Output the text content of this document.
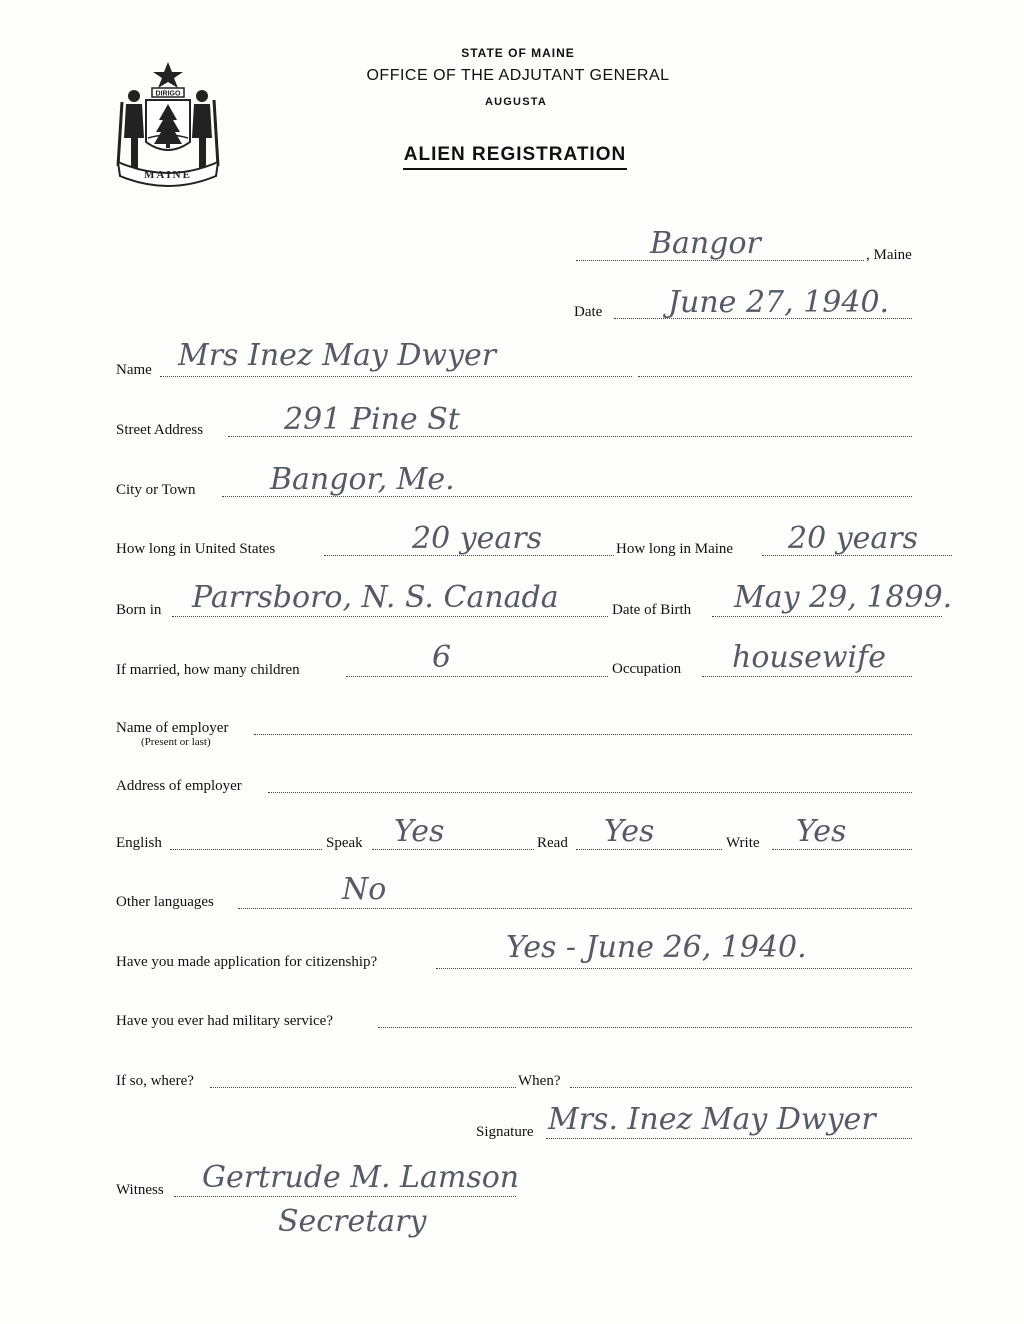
DIRIGO
MAINE
STATE OF MAINE
OFFICE OF THE ADJUTANT GENERAL
AUGUSTA
ALIEN REGISTRATION
, Maine
Bangor
Date June 27, 1940.
Name Mrs Inez May Dwyer
Street Address	291 Pine St
City or Town Bangor, Me.
How long in United States	20 years	How long in Maine 20 years
Born in Parrsboro, N. S. Canada	Date of Birth May 29, 1899.
If married, how many children	6	Occupation housewife
Name of employer
(Present or last)
Address of employer
English	Speak Yes	Read Yes	Write Yes
Other languages	No
Have you made application for citizenship?	Yes - June 26, 1940.
Have you ever had military service?
If so, where?	When?
Signature Mrs. Inez May Dwyer
Witness Gertrude M. Lamson
Secretary
